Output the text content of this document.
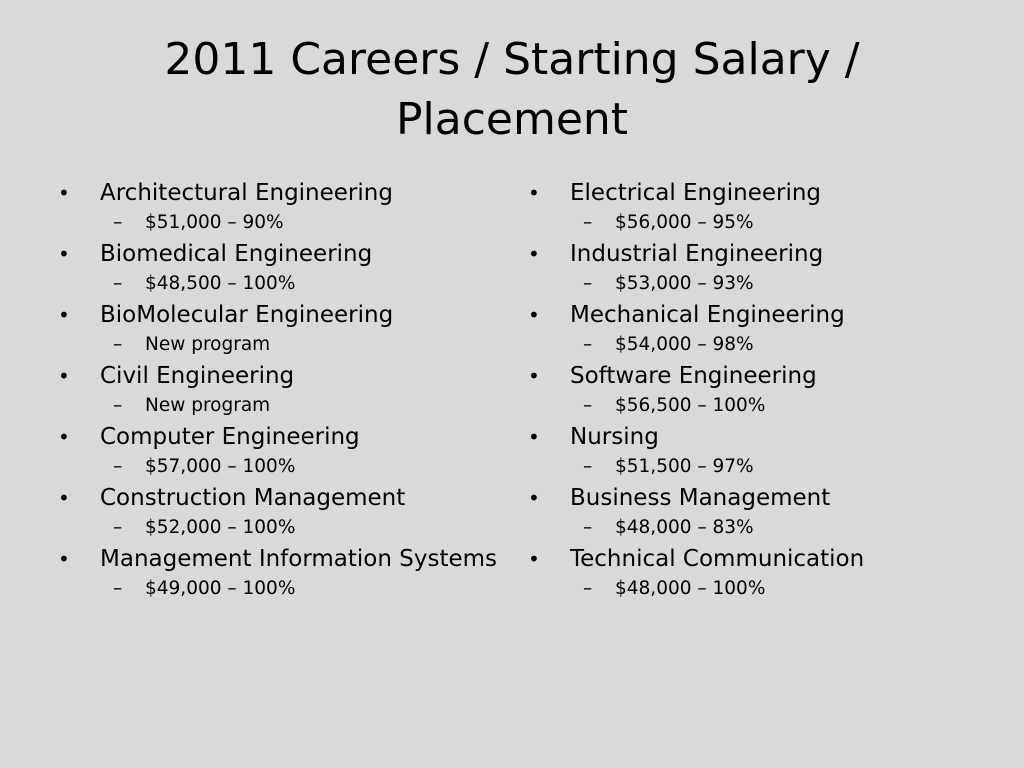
2011 Careers / Starting Salary /
Placement
•	Architectural Engineering
–	$51,000 – 90%
•	Biomedical Engineering
–	$48,500 – 100%
•	BioMolecular Engineering
–	New program
•	Civil Engineering
–	New program
•	Computer Engineering
–	$57,000 – 100%
•	Construction Management
–	$52,000 – 100%
•	Management Information Systems
–	$49,000 – 100%
•	Electrical Engineering
–	$56,000 – 95%
•	Industrial Engineering
–	$53,000 – 93%
•	Mechanical Engineering
–	$54,000 – 98%
•	Software Engineering
–	$56,500 – 100%
•	Nursing
–	$51,500 – 97%
•	Business Management
–	$48,000 – 83%
•	Technical Communication
–	$48,000 – 100%
